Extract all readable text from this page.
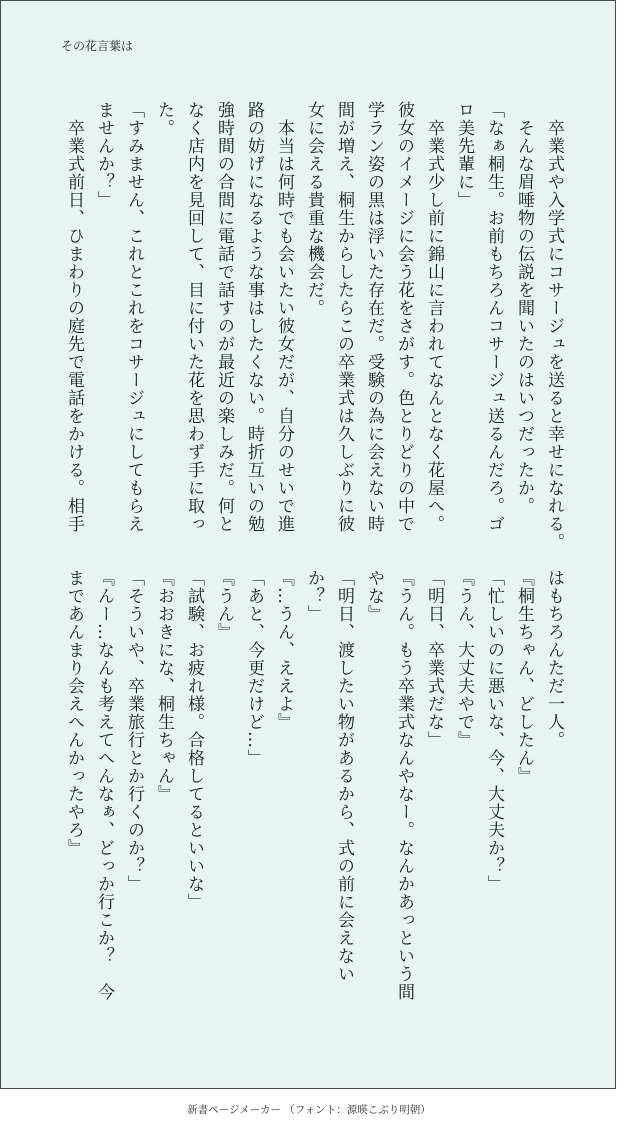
その花言葉は
　卒業式や入学式にコサージュを送ると幸せになれる。
　そんな眉唾物の伝説を聞いたのはいつだったか。
「なぁ桐生。お前もちろんコサージュ送るんだろ。ゴ
ロ美先輩に」
　卒業式少し前に錦山に言われてなんとなく花屋へ。
彼女のイメージに会う花をさがす。色とりどりの中で
学ラン姿の黒は浮いた存在だ。受験の為に会えない時
間が増え、桐生からしたらこの卒業式は久しぶりに彼
女に会える貴重な機会だ。
　本当は何時でも会いたい彼女だが、自分のせいで進
路の妨げになるような事はしたくない。時折互いの勉
強時間の合間に電話で話すのが最近の楽しみだ。何と
なく店内を見回して、目に付いた花を思わず手に取っ
た。
「すみません、これとこれをコサージュにしてもらえ
ませんか？」
　卒業式前日、ひまわりの庭先で電話をかける。相手
はもちろんただ一人。
『桐生ちゃん、どしたん』
「忙しいのに悪いな、今、大丈夫か？」
『うん、大丈夫やで』
「明日、卒業式だな」
『うん。もう卒業式なんやなー。なんかあっという間
やな』
「明日、渡したい物があるから、式の前に会えない
か？」
『…うん、ええよ』
「あと、今更だけど…」
『うん』
「試験、お疲れ様。合格してるといいな」
『おおきにな、桐生ちゃん』
「そういや、卒業旅行とか行くのか？」
『んー…なんも考えてへんなぁ、どっか行こか？　今
まであんまり会えへんかったやろ』
新書ページメーカー （フォント：源暎こぶり明朝）
